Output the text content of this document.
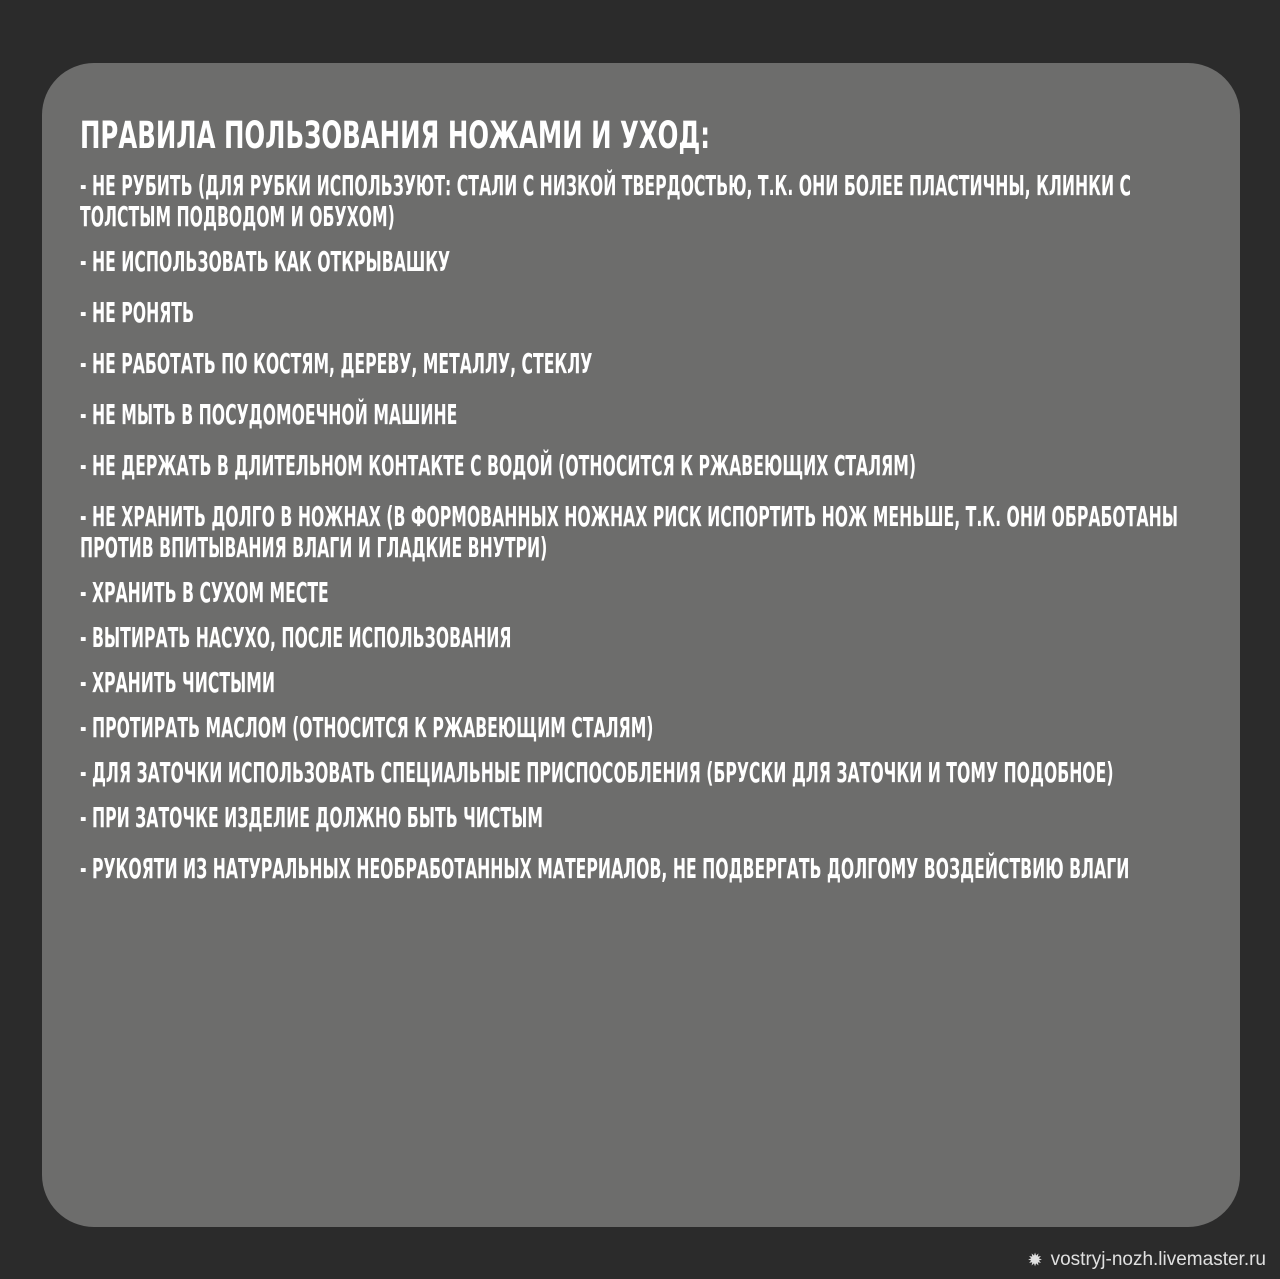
ПРАВИЛА ПОЛЬЗОВАНИЯ НОЖАМИ И УХОД:
- НЕ РУБИТЬ (ДЛЯ РУБКИ ИСПОЛЬЗУЮТ: СТАЛИ С НИЗКОЙ ТВЕРДОСТЬЮ, Т.К. ОНИ БОЛЕЕ ПЛАСТИЧНЫ, КЛИНКИ С ТОЛСТЫМ ПОДВОДОМ И ОБУХОМ)
- НЕ ИСПОЛЬЗОВАТЬ КАК ОТКРЫВАШКУ
- НЕ РОНЯТЬ
- НЕ РАБОТАТЬ ПО КОСТЯМ, ДЕРЕВУ, МЕТАЛЛУ, СТЕКЛУ
- НЕ МЫТЬ В ПОСУДОМОЕЧНОЙ МАШИНЕ
- НЕ ДЕРЖАТЬ В ДЛИТЕЛЬНОМ КОНТАКТЕ С ВОДОЙ (ОТНОСИТСЯ К РЖАВЕЮЩИХ СТАЛЯМ)
- НЕ ХРАНИТЬ ДОЛГО В НОЖНАХ (В ФОРМОВАННЫХ НОЖНАХ РИСК ИСПОРТИТЬ НОЖ МЕНЬШЕ, Т.К. ОНИ ОБРАБОТАНЫ ПРОТИВ ВПИТЫВАНИЯ ВЛАГИ И ГЛАДКИЕ ВНУТРИ)
- ХРАНИТЬ В СУХОМ МЕСТЕ
- ВЫТИРАТЬ НАСУХО, ПОСЛЕ ИСПОЛЬЗОВАНИЯ
- ХРАНИТЬ ЧИСТЫМИ
- ПРОТИРАТЬ МАСЛОМ (ОТНОСИТСЯ К РЖАВЕЮЩИМ СТАЛЯМ)
- ДЛЯ ЗАТОЧКИ ИСПОЛЬЗОВАТЬ СПЕЦИАЛЬНЫЕ ПРИСПОСОБЛЕНИЯ (БРУСКИ ДЛЯ ЗАТОЧКИ И ТОМУ ПОДОБНОЕ)
- ПРИ ЗАТОЧКЕ ИЗДЕЛИЕ ДОЛЖНО БЫТЬ ЧИСТЫМ
- РУКОЯТИ ИЗ НАТУРАЛЬНЫХ НЕОБРАБОТАННЫХ МАТЕРИАЛОВ, НЕ ПОДВЕРГАТЬ ДОЛГОМУ ВОЗДЕЙСТВИЮ ВЛАГИ
✹ vostryj-nozh.livemaster.ru
